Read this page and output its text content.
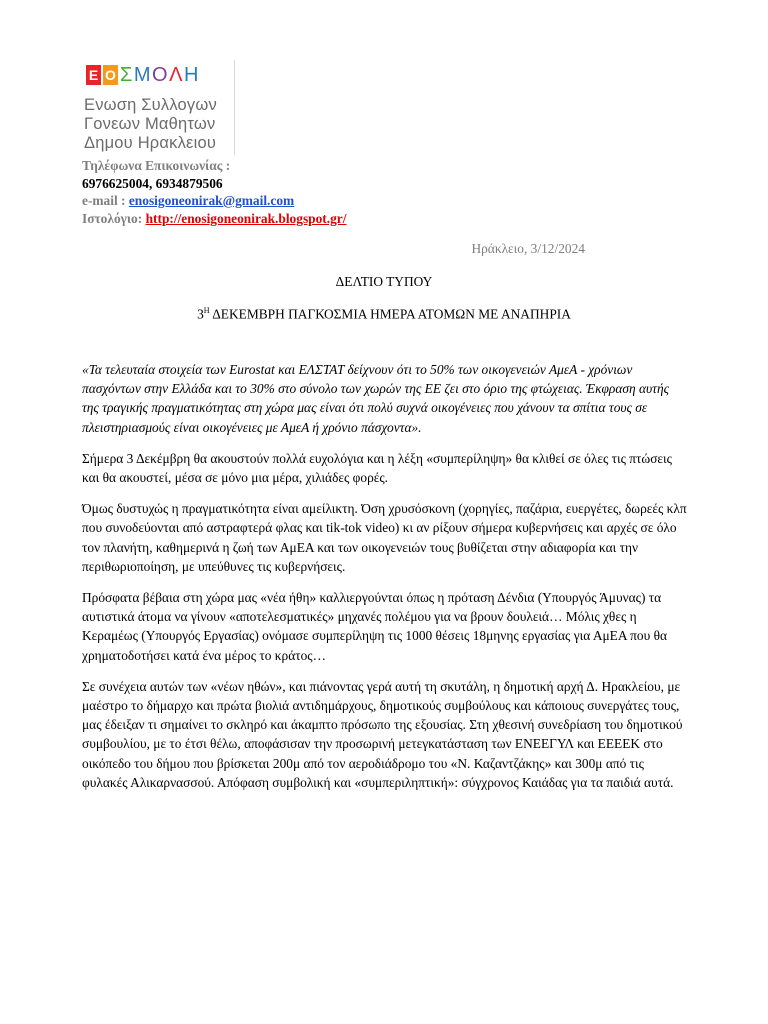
Ε Ο Σ Μ Ο Λ Η
Ενωση Συλλογων
Γονεων Μαθητων
Δημου Ηρακλειου
Τηλέφωνα Επικοινωνίας :
6976625004, 6934879506
e-mail : enosigoneonirak@gmail.com
Ιστολόγιο: http://enosigoneonirak.blogspot.gr/
Ηράκλειο, 3/12/2024
ΔΕΛΤΙΟ ΤΥΠΟΥ
$3^H$ ΔΕΚΕΜΒΡΗ ΠΑΓΚΟΣΜΙΑ ΗΜΕΡΑ ΑΤΟΜΩΝ ΜΕ ΑΝΑΠΗΡΙΑ

«Τα τελευταία στοιχεία των Eurostat και ΕΛΣΤΑΤ δείχνουν ότι το 50% των οικογενειών ΑμεΑ - χρόνιων πασχόντων στην Ελλάδα και το 30% στο σύνολο των χωρών της ΕΕ ζει στο όριο της φτώχειας. Έκφραση αυτής της τραγικής πραγματικότητας στη χώρα μας είναι ότι πολύ συχνά οικογένειες που χάνουν τα σπίτια τους σε πλειστηριασμούς είναι οικογένειες με ΑμεΑ ή χρόνιο πάσχοντα».

Σήμερα 3 Δεκέμβρη θα ακουστούν πολλά ευχολόγια και η λέξη «συμπερίληψη» θα κλιθεί σε όλες τις πτώσεις και θα ακουστεί, μέσα σε μόνο μια μέρα, χιλιάδες φορές.

Όμως δυστυχώς η πραγματικότητα είναι αμείλικτη. Όση χρυσόσκονη (χορηγίες, παζάρια, ευεργέτες, δωρεές κλπ που συνοδεύονται από αστραφτερά φλας και tik-tok video) κι αν ρίξουν σήμερα κυβερνήσεις και αρχές σε όλο τον πλανήτη, καθημερινά η ζωή των ΑμΕΑ και των οικογενειών τους βυθίζεται στην αδιαφορία και την περιθωριοποίηση, με υπεύθυνες τις κυβερνήσεις.

Πρόσφατα βέβαια στη χώρα μας «νέα ήθη» καλλιεργούνται όπως η πρόταση Δένδια (Υπουργός Άμυνας) τα αυτιστικά άτομα να γίνουν «αποτελεσματικές» μηχανές πολέμου για να βρουν δουλειά… Μόλις χθες η Κεραμέως (Υπουργός Εργασίας) ονόμασε συμπερίληψη τις 1000 θέσεις 18μηνης εργασίας για ΑμΕΑ που θα χρηματοδοτήσει κατά ένα μέρος το κράτος…

Σε συνέχεια αυτών των «νέων ηθών», και πιάνοντας γερά αυτή τη σκυτάλη, η δημοτική αρχή Δ. Ηρακλείου, με μαέστρο το δήμαρχο και πρώτα βιολιά αντιδημάρχους, δημοτικούς συμβούλους και κάποιους συνεργάτες τους, μας έδειξαν τι σημαίνει το σκληρό και άκαμπτο πρόσωπο της εξουσίας. Στη χθεσινή συνεδρίαση του δημοτικού συμβουλίου, με το έτσι θέλω, αποφάσισαν την προσωρινή μετεγκατάσταση των ΕΝΕΕΓΥΛ και ΕΕΕΕΚ στο οικόπεδο του δήμου που βρίσκεται 200μ από τον αεροδιάδρομο του «Ν. Καζαντζάκης» και 300μ από τις φυλακές Αλικαρνασσού. Απόφαση συμβολική και «συμπεριληπτική»: σύγχρονος Καιάδας για τα παιδιά αυτά.
